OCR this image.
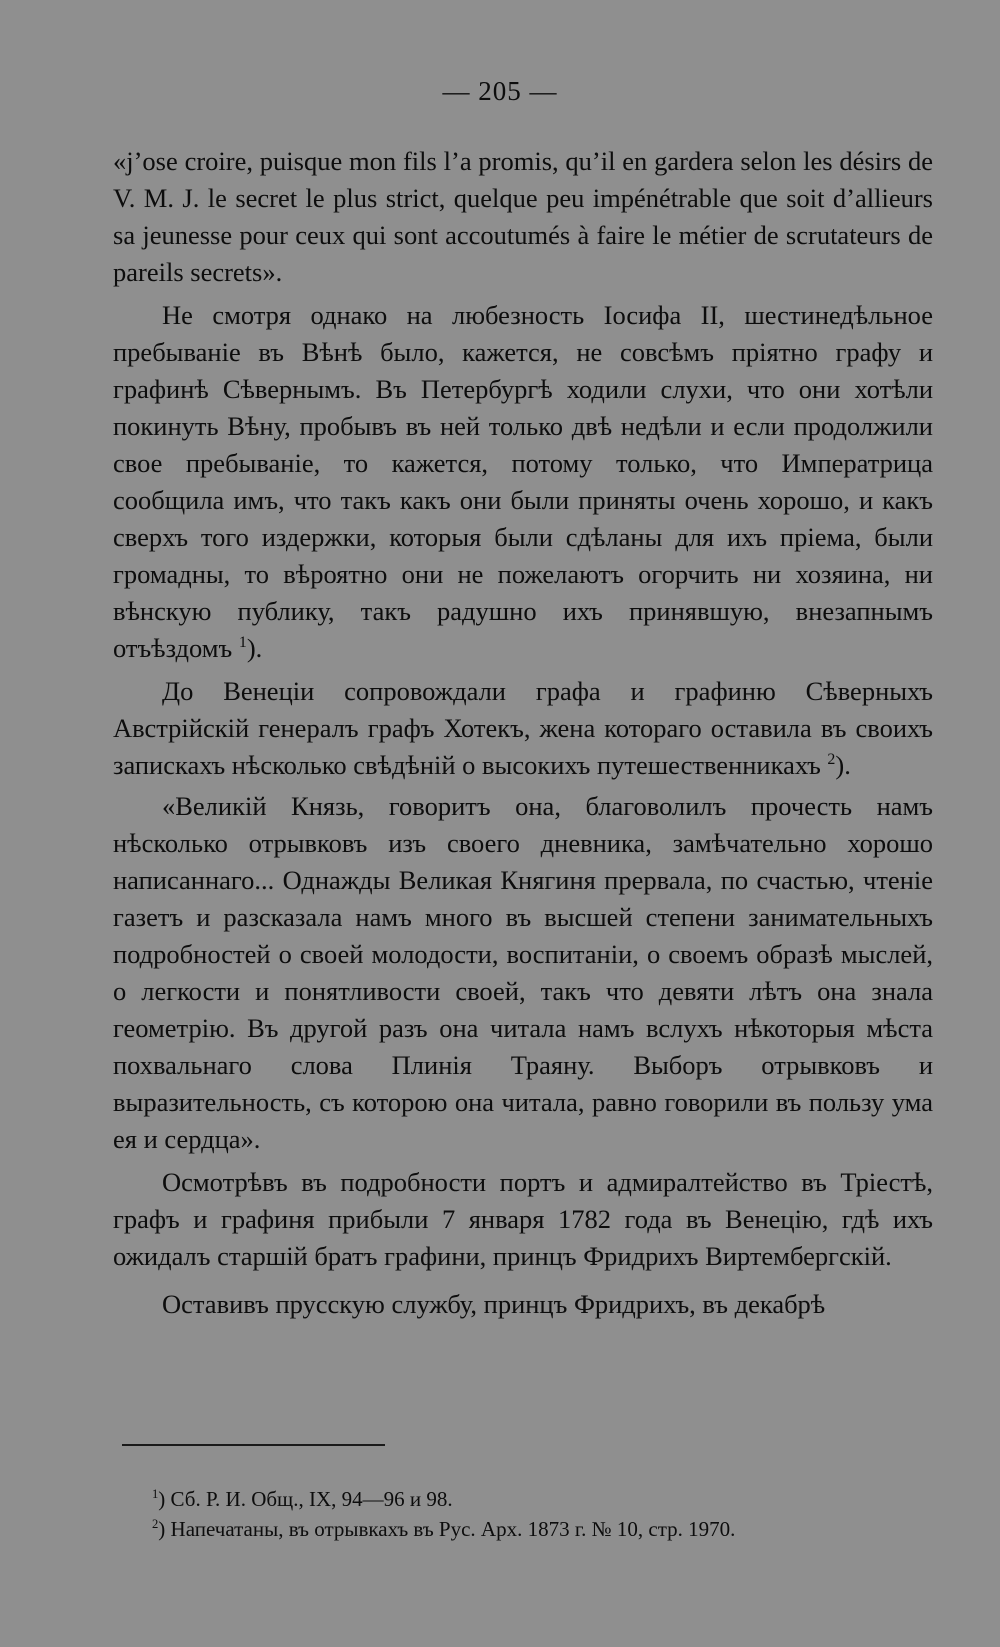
— 205 —

«j’ose croire, puisque mon fils l’a promis, qu’il en gardera selon les désirs de V. M. J. le secret le plus strict, quelque peu impénétrable que soit d’allieurs sa jeunesse pour ceux qui sont accoutumés à faire le métier de scrutateurs de pareils secrets».

Не смотря однако на любезность Іосифа II, шестинедѣльное пребываніе въ Вѣнѣ было, кажется, не совсѣмъ пріятно графу и графинѣ Сѣвернымъ. Въ Петербургѣ ходили слухи, что они хотѣли покинуть Вѣну, пробывъ въ ней только двѣ недѣли и если продолжили свое пребываніе, то кажется, потому только, что Императрица сообщила имъ, что такъ какъ они были приняты очень хорошо, и какъ сверхъ того издержки, которыя были сдѣланы для ихъ пріема, были громадны, то вѣроятно они не пожелаютъ огорчить ни хозяина, ни вѣнскую публику, такъ радушно ихъ принявшую, внезапнымъ отъѣздомъ $^1$).

До Венеціи сопровождали графа и графиню Сѣверныхъ Австрійскій генералъ графъ Хотекъ, жена котораго оставила въ своихъ запискахъ нѣсколько свѣдѣній о высокихъ путешественникахъ $^2$).

«Великій Князь, говоритъ она, благоволилъ прочесть намъ нѣсколько отрывковъ изъ своего дневника, замѣчательно хорошо написаннаго... Однажды Великая Княгиня прервала, по счастью, чтеніе газетъ и разсказала намъ много въ высшей степени занимательныхъ подробностей о своей молодости, воспитаніи, о своемъ образѣ мыслей, о легкости и понятливости своей, такъ что девяти лѣтъ она знала геометрію. Въ другой разъ она читала намъ вслухъ нѣкоторыя мѣста похвальнаго слова Плинія Траяну. Выборъ отрывковъ и выразительность, съ которою она читала, равно говорили въ пользу ума ея и сердца».

Осмотрѣвъ въ подробности портъ и адмиралтейство въ Тріестѣ, графъ и графиня прибыли 7 января 1782 года въ Венецію, гдѣ ихъ ожидалъ старшій братъ графини, принцъ Фридрихъ Виртембергскій.

Оставивъ прусскую службу, принцъ Фридрихъ, въ декабрѣ

$^1$) Сб. Р. И. Общ., IX, 94—96 и 98.

$^2$) Напечатаны, въ отрывкахъ въ Рус. Арх. 1873 г. № 10, стр. 1970.
